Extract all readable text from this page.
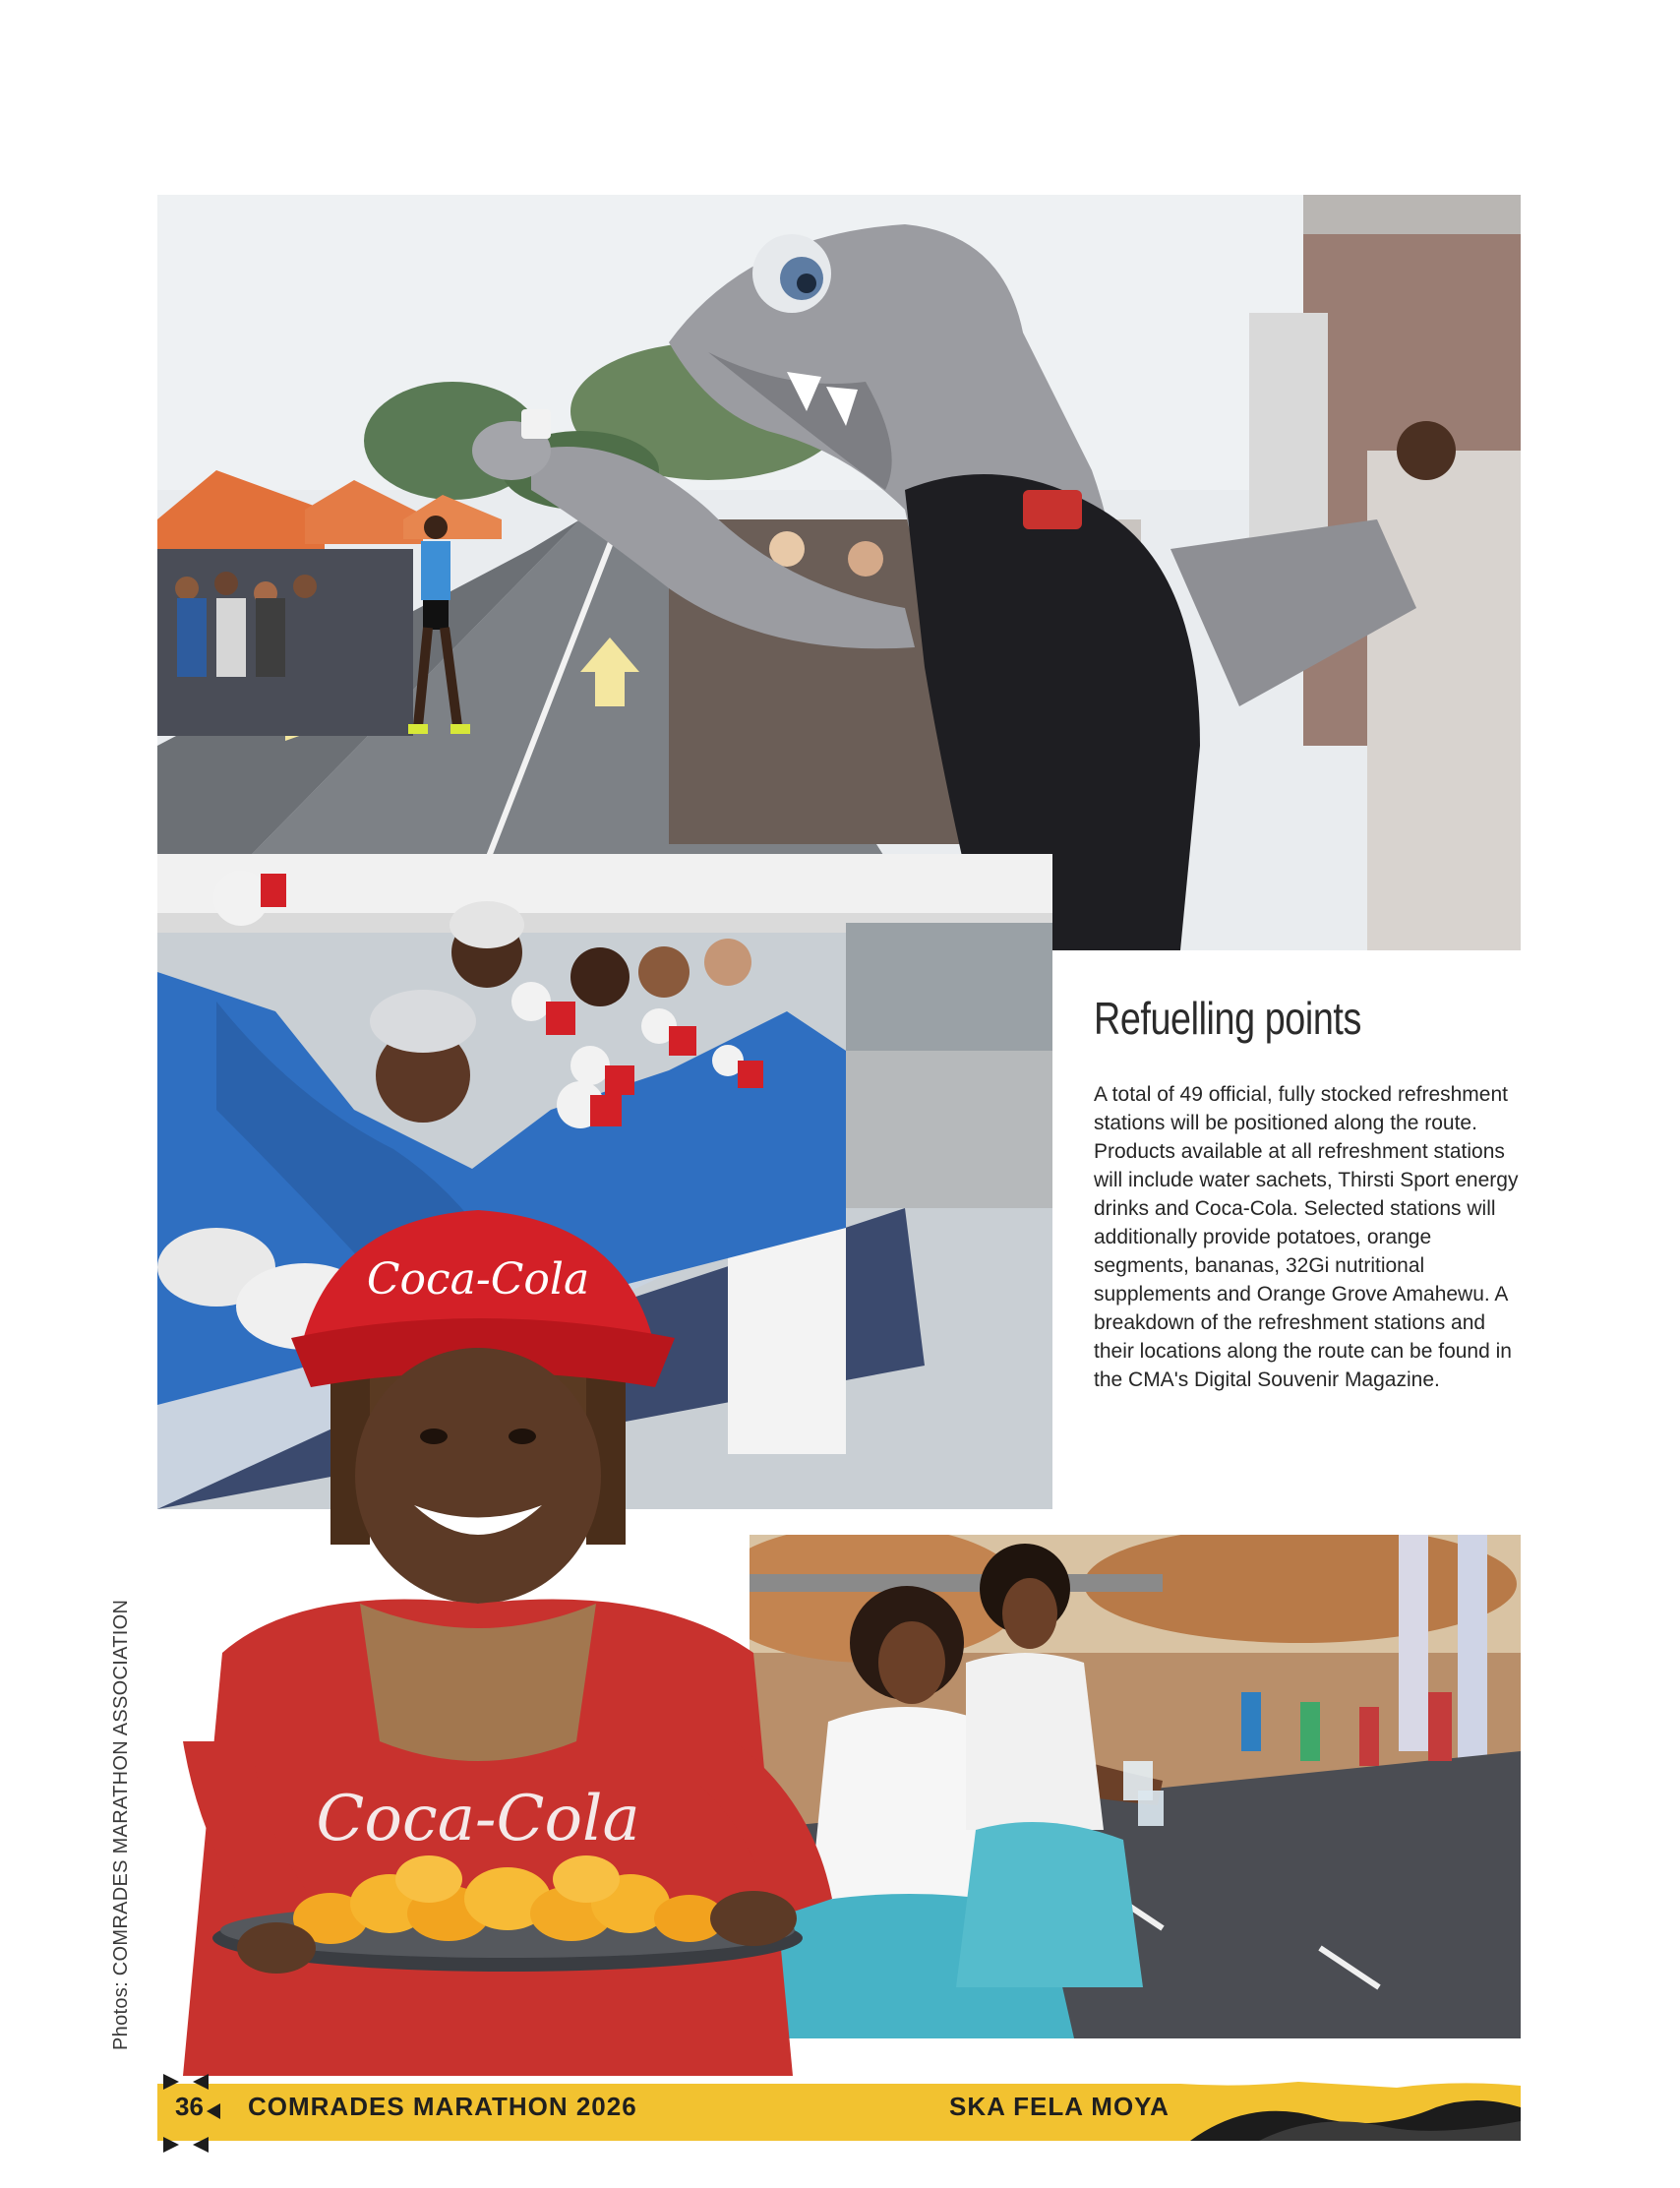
Coca-Cola
Coca-Cola
Refuelling points
A total of 49 official, fully stocked refreshment stations will be positioned along the route. Products available at all refreshment stations will include water sachets, Thirsti Sport energy drinks and Coca-Cola. Selected stations will additionally provide potatoes, orange segments, bananas, 32Gi nutritional supplements and Orange Grove Amahewu. A breakdown of the refreshment stations and their locations along the route can be found in the CMA's Digital Souvenir Magazine.
Photos: COMRADES MARATHON ASSOCIATION
36 COMRADES MARATHON 2026	SKA FELA MOYA
